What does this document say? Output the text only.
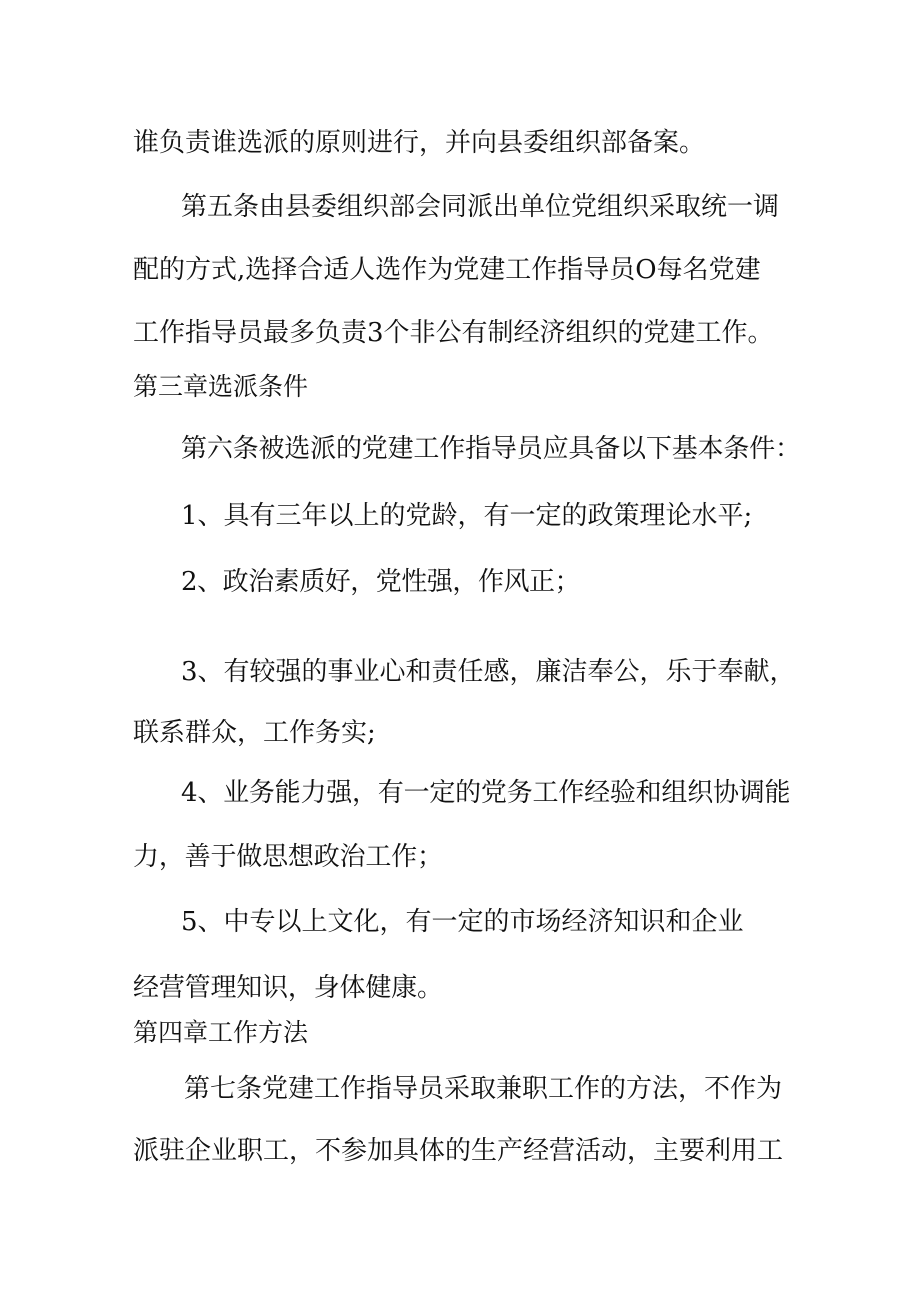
谁负责谁选派的原则进行，并向县委组织部备案。

第五条由县委组织部会同派出单位党组织采取统一调

配的方式,选择合适人选作为党建工作指导员O每名党建

工作指导员最多负责3个非公有制经济组织的党建工作。

第三章选派条件

第六条被选派的党建工作指导员应具备以下基本条件：

1、具有三年以上的党龄，有一定的政策理论水平;

2、政治素质好，党性强，作风正；

3、有较强的事业心和责任感，廉洁奉公，乐于奉献，

联系群众，工作务实;

4、业务能力强，有一定的党务工作经验和组织协调能

力，善于做思想政治工作；

5、中专以上文化，有一定的市场经济知识和企业

经营管理知识，身体健康。

第四章工作方法

第七条党建工作指导员采取兼职工作的方法，不作为

派驻企业职工，不参加具体的生产经营活动，主要利用工
